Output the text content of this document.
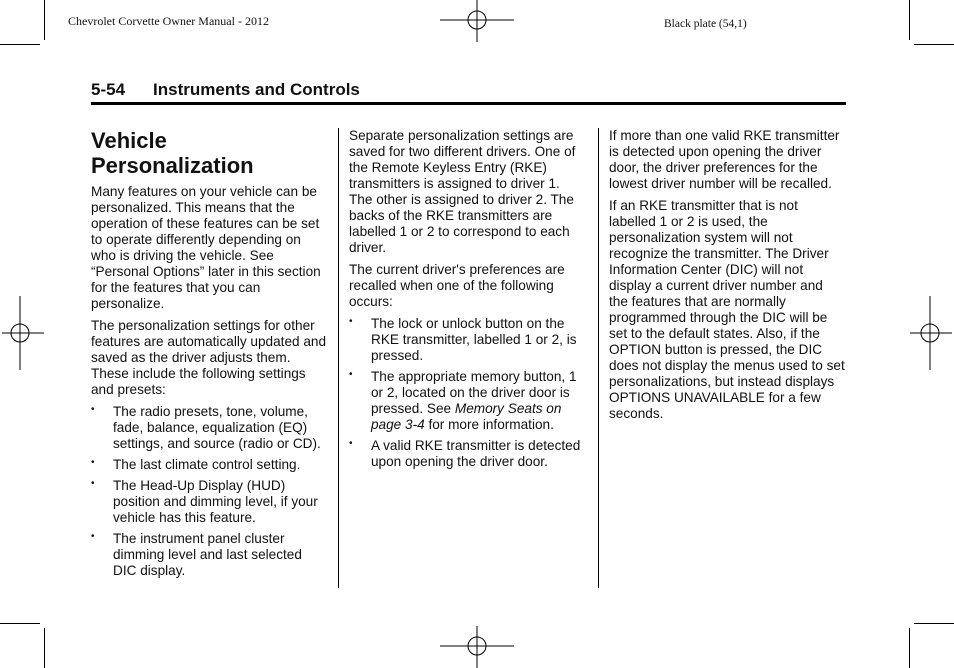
Chevrolet Corvette Owner Manual - 2012	Black plate (54,1)
5-54 Instruments and Controls
Vehicle Personalization

Many features on your vehicle can be personalized. This means that the operation of these features can be set to operate differently depending on who is driving the vehicle. See “Personal Options” later in this section for the features that you can personalize.

The personalization settings for other features are automatically updated and saved as the driver adjusts them. These include the following settings and presets:

• The radio presets, tone, volume, fade, balance, equalization (EQ) settings, and source (radio or CD).
• The last climate control setting.
• The Head-Up Display (HUD) position and dimming level, if your vehicle has this feature.
• The instrument panel cluster dimming level and last selected DIC display.

Separate personalization settings are saved for two different drivers. One of the Remote Keyless Entry (RKE) transmitters is assigned to driver 1. The other is assigned to driver 2. The backs of the RKE transmitters are labelled 1 or 2 to correspond to each driver.

The current driver's preferences are recalled when one of the following occurs:

• The lock or unlock button on the RKE transmitter, labelled 1 or 2, is pressed.
• The appropriate memory button, 1 or 2, located on the driver door is pressed. See Memory Seats on page 3-4 for more information.
• A valid RKE transmitter is detected upon opening the driver door.

If more than one valid RKE transmitter is detected upon opening the driver door, the driver preferences for the lowest driver number will be recalled.

If an RKE transmitter that is not labelled 1 or 2 is used, the personalization system will not recognize the transmitter. The Driver Information Center (DIC) will not display a current driver number and the features that are normally programmed through the DIC will be set to the default states. Also, if the OPTION button is pressed, the DIC does not display the menus used to set personalizations, but instead displays OPTIONS UNAVAILABLE for a few seconds.
